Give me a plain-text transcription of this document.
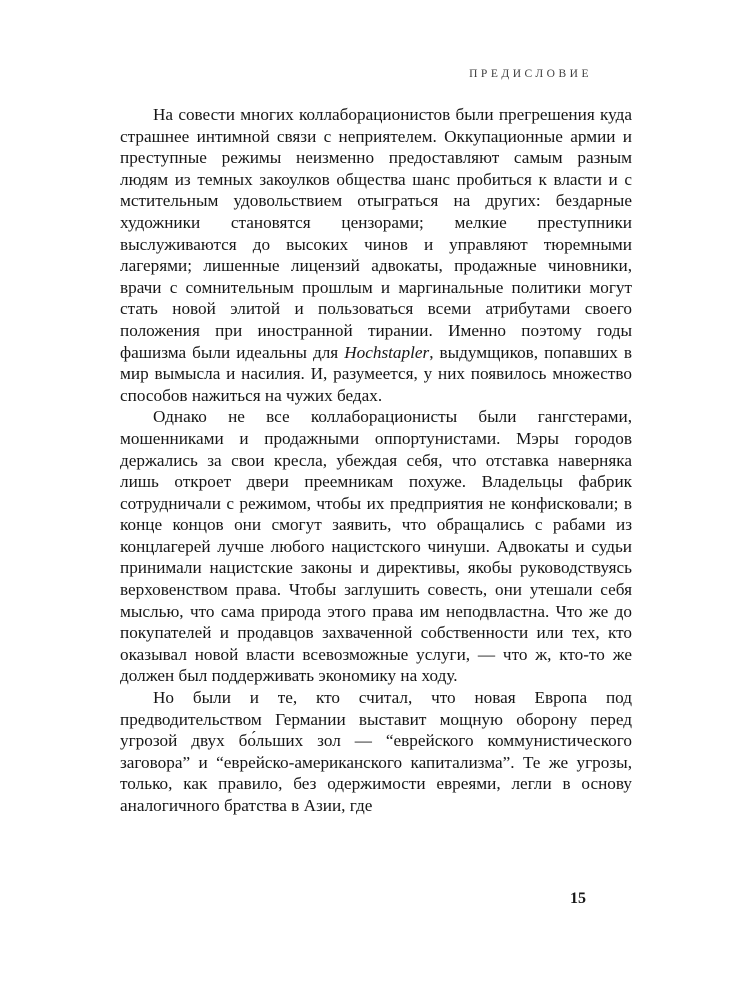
ПРЕДИСЛОВИЕ

На совести многих коллаборационистов были прегрешения куда страшнее интимной связи с неприятелем. Оккупационные армии и преступные режимы неизменно предоставляют самым разным людям из темных закоулков общества шанс пробиться к власти и с мстительным удовольствием отыграться на других: бездарные художники становятся цензорами; мелкие преступники выслуживаются до высоких чинов и управляют тюремными лагерями; лишенные лицензий адвокаты, продажные чиновники, врачи с сомнительным прошлым и маргинальные политики могут стать новой элитой и пользоваться всеми атрибутами своего положения при иностранной тирании. Именно поэтому годы фашизма были идеальны для Hochstapler, выдумщиков, попавших в мир вымысла и насилия. И, разумеется, у них появилось множество способов нажиться на чужих бедах.

Однако не все коллаборационисты были гангстерами, мошенниками и продажными оппортунистами. Мэры городов держались за свои кресла, убеждая себя, что отставка наверняка лишь откроет двери преемникам похуже. Владельцы фабрик сотрудничали с режимом, чтобы их предприятия не конфисковали; в конце концов они смогут заявить, что обращались с рабами из концлагерей лучше любого нацистского чинуши. Адвокаты и судьи принимали нацистские законы и директивы, якобы руководствуясь верховенством права. Чтобы заглушить совесть, они утешали себя мыслью, что сама природа этого права им неподвластна. Что же до покупателей и продавцов захваченной собственности или тех, кто оказывал новой власти всевозможные услуги, — что ж, кто-то же должен был поддерживать экономику на ходу.

Но были и те, кто считал, что новая Европа под предводительством Германии выставит мощную оборону перед угрозой двух бо́льших зол — “еврейского коммунистического заговора” и “еврейско-американского капитализма”. Те же угрозы, только, как правило, без одержимости евреями, легли в основу аналогичного братства в Азии, где

15
